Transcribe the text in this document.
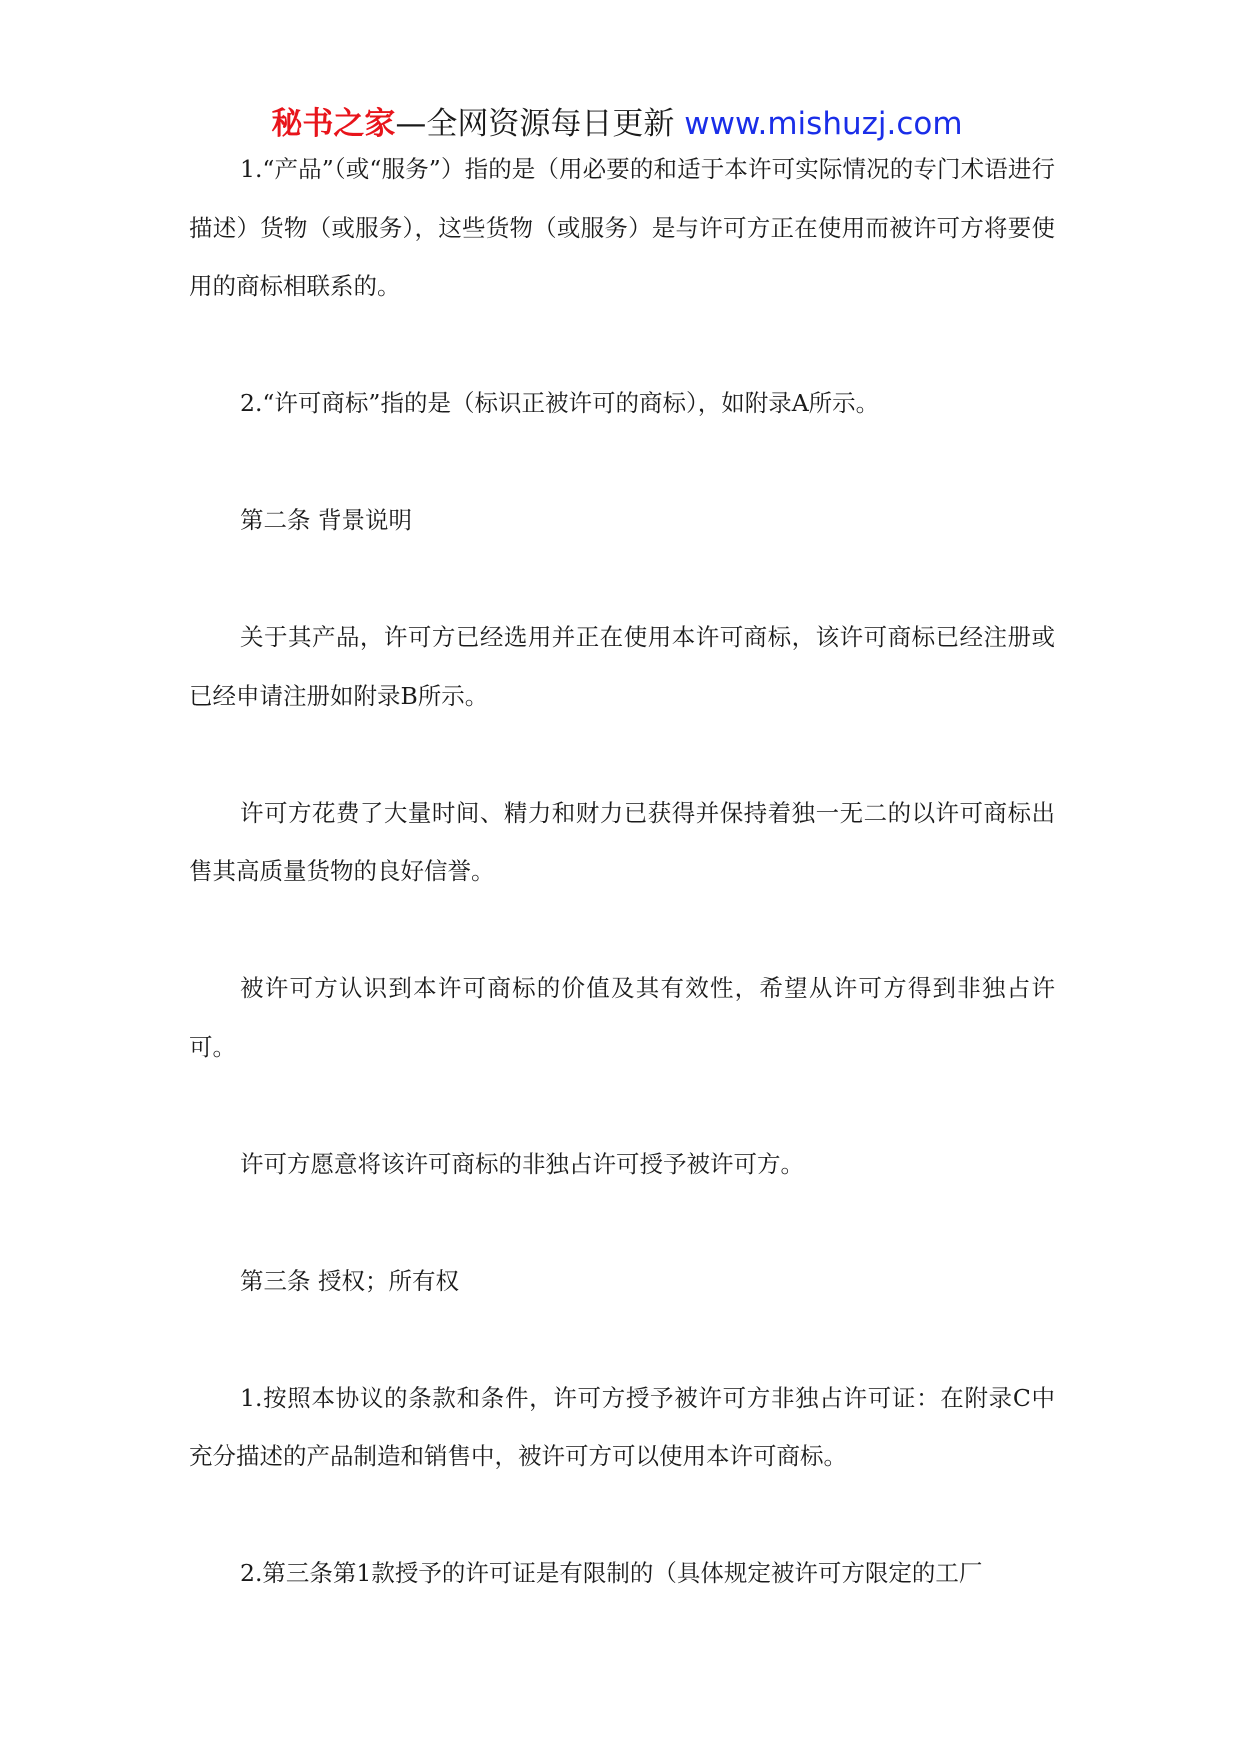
秘书之家—全网资源每日更新 www.mishuzj.com

1.“产品”（或“服务”）指的是（用必要的和适于本许可实际情况的专门术语进行描述）货物（或服务），这些货物（或服务）是与许可方正在使用而被许可方将要使用的商标相联系的。

2.“许可商标”指的是（标识正被许可的商标），如附录A所示。

第二条 背景说明

关于其产品，许可方已经选用并正在使用本许可商标，该许可商标已经注册或已经申请注册如附录B所示。

许可方花费了大量时间、精力和财力已获得并保持着独一无二的以许可商标出售其高质量货物的良好信誉。

被许可方认识到本许可商标的价值及其有效性，希望从许可方得到非独占许可。

许可方愿意将该许可商标的非独占许可授予被许可方。

第三条 授权；所有权

1.按照本协议的条款和条件，许可方授予被许可方非独占许可证：在附录C中充分描述的产品制造和销售中，被许可方可以使用本许可商标。

2.第三条第1款授予的许可证是有限制的（具体规定被许可方限定的工厂
